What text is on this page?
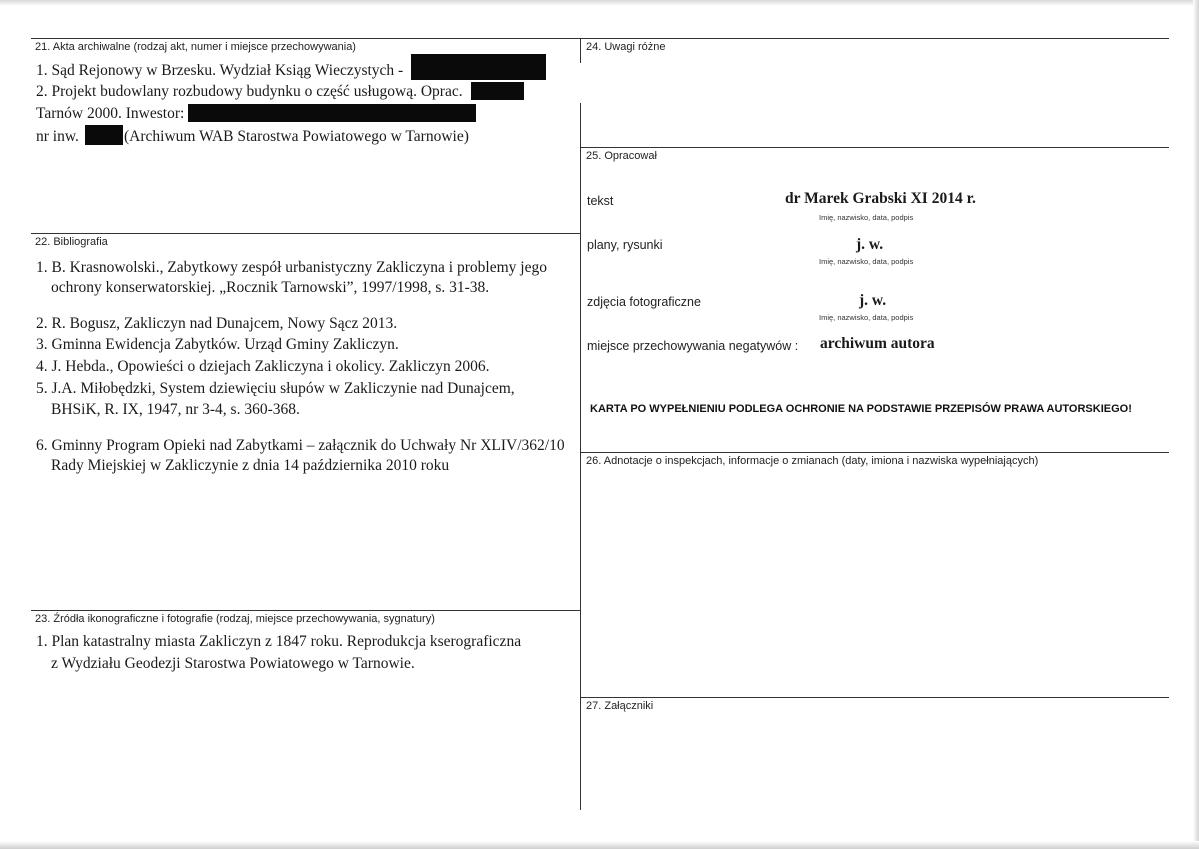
21. Akta archiwalne (rodzaj akt, numer i miejsce przechowywania)
1. Sąd Rejonowy w Brzesku. Wydział Ksiąg Wieczystych -
2. Projekt budowlany rozbudowy budynku o część usługową. Oprac.
Tarnów 2000. Inwestor:
nr inw.	(Archiwum WAB Starostwa Powiatowego w Tarnowie)
22. Bibliografia
1. B. Krasnowolski., Zabytkowy zespół urbanistyczny Zakliczyna i problemy jego
ochrony konserwatorskiej. „Rocznik Tarnowski”, 1997/1998, s. 31-38.
2. R. Bogusz, Zakliczyn nad Dunajcem, Nowy Sącz 2013.
3. Gminna Ewidencja Zabytków. Urząd Gminy Zakliczyn.
4. J. Hebda., Opowieści o dziejach Zakliczyna i okolicy. Zakliczyn 2006.
5. J.A. Miłobędzki, System dziewięciu słupów w Zakliczynie nad Dunajcem,
BHSiK, R. IX, 1947, nr 3-4, s. 360-368.
6. Gminny Program Opieki nad Zabytkami – załącznik do Uchwały Nr XLIV/362/10
Rady Miejskiej w Zakliczynie z dnia 14 października 2010 roku
23. Źródła ikonograficzne i fotografie (rodzaj, miejsce przechowywania, sygnatury)
1. Plan katastralny miasta Zakliczyn z 1847 roku. Reprodukcja kserograficzna
z Wydziału Geodezji Starostwa Powiatowego w Tarnowie.
24. Uwagi różne
25. Opracował
tekst	dr Marek Grabski XI 2014 r.
Imię, nazwisko, data, podpis
plany, rysunki	j. w.
Imię, nazwisko, data, podpis
zdjęcia fotograficzne	j. w.
Imię, nazwisko, data, podpis
miejsce przechowywania negatywów : archiwum autora
KARTA PO WYPEŁNIENIU PODLEGA OCHRONIE NA PODSTAWIE PRZEPISÓW PRAWA AUTORSKIEGO!
26. Adnotacje o inspekcjach, informacje o zmianach (daty, imiona i nazwiska wypełniających)
27. Załączniki
